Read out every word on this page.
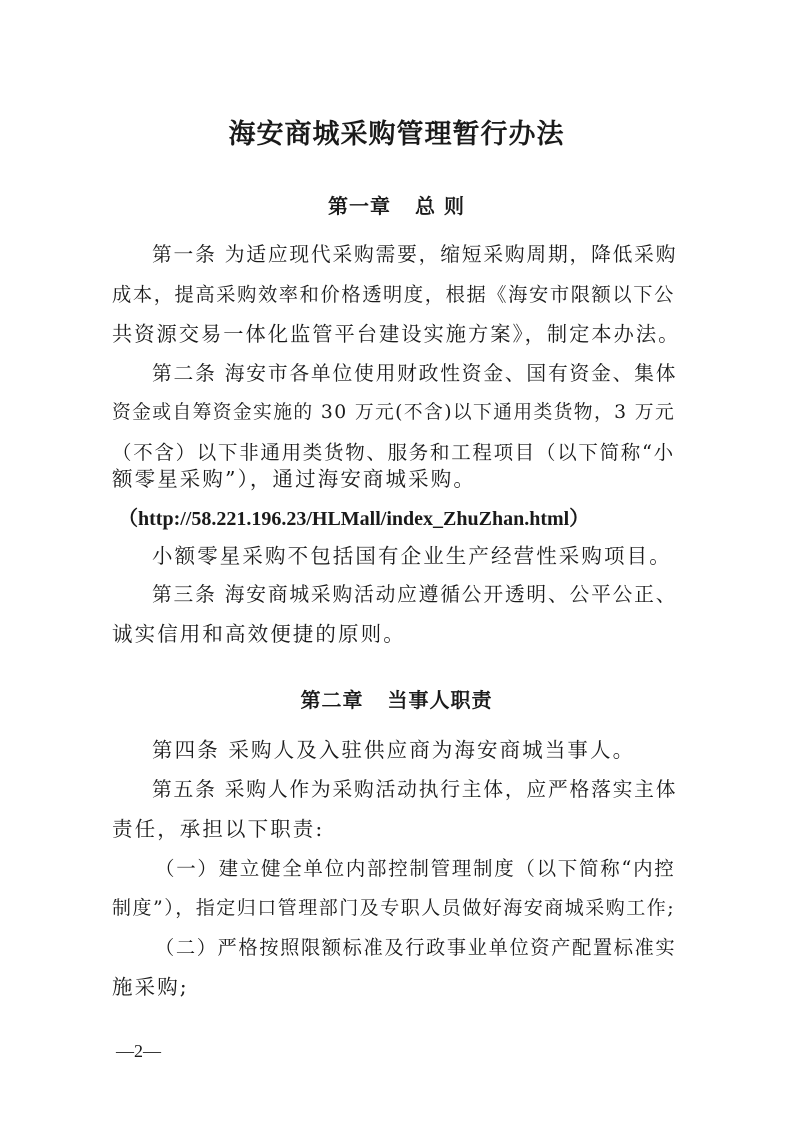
海安商城采购管理暂行办法
第一章 总 则

第一条 为适应现代采购需要，缩短采购周期，降低采购

成本，提高采购效率和价格透明度，根据《海安市限额以下公

共资源交易一体化监管平台建设实施方案》，制定本办法。

第二条 海安市各单位使用财政性资金、国有资金、集体

资金或自筹资金实施的 30 万元(不含)以下通用类货物，3 万元

（不含）以下非通用类货物、服务和工程项目（以下简称“小

额零星采购”），通过海安商城采购。

（http://58.221.196.23/HLMall/index_ZhuZhan.html）

小额零星采购不包括国有企业生产经营性采购项目。

第三条 海安商城采购活动应遵循公开透明、公平公正、

诚实信用和高效便捷的原则。

第二章 当事人职责

第四条 采购人及入驻供应商为海安商城当事人。

第五条 采购人作为采购活动执行主体，应严格落实主体

责任，承担以下职责:

（一）建立健全单位内部控制管理制度（以下简称“内控

制度”），指定归口管理部门及专职人员做好海安商城采购工作;

（二）严格按照限额标准及行政事业单位资产配置标准实

施采购;

—2—
